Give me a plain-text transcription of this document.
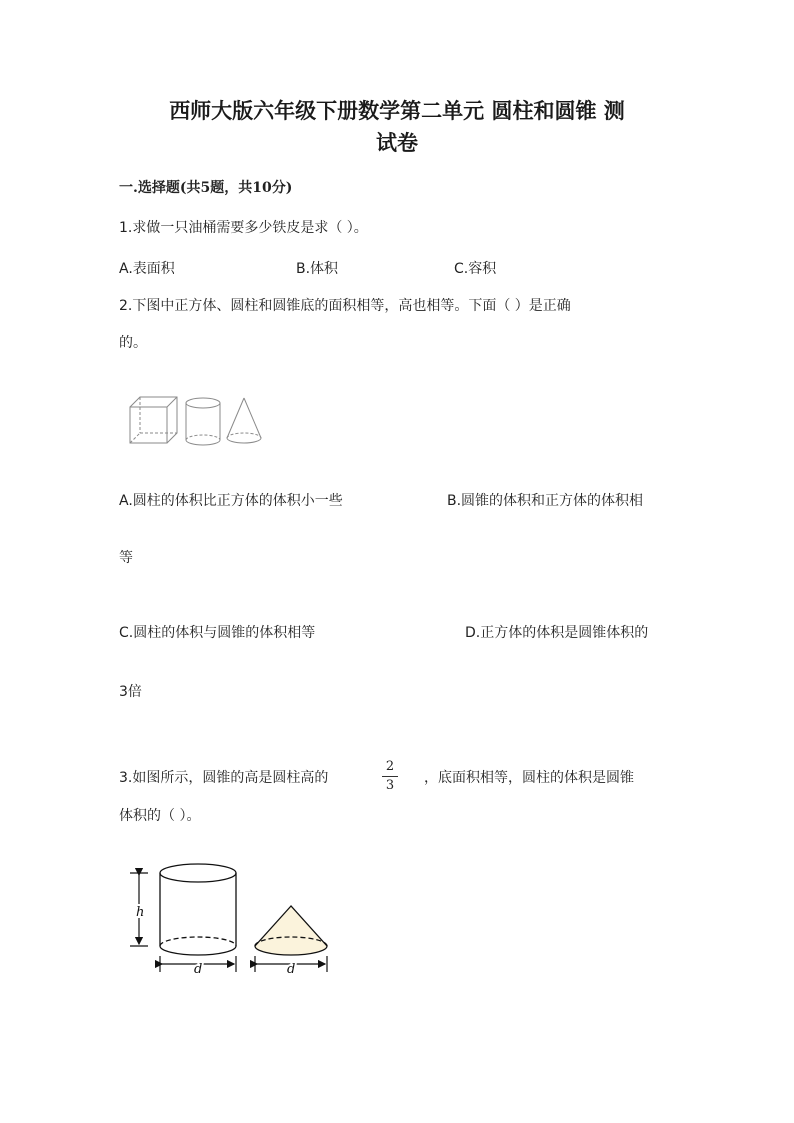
西师大版六年级下册数学第二单元 圆柱和圆锥 测
试卷
一.选择题(共5题，共10分)
1.求做一只油桶需要多少铁皮是求（ ）。
A.表面积	B.体积	C.容积
2.下图中正方体、圆柱和圆锥底的面积相等，高也相等。下面（ ）是正确
的。
A.圆柱的体积比正方体的体积小一些	B.圆锥的体积和正方体的体积相
等
C.圆柱的体积与圆锥的体积相等	D.正方体的体积是圆锥体积的
3倍
3.如图所示，圆锥的高是圆柱高的
2
3	，底面积相等，圆柱的体积是圆锥
体积的（ ）。
h
d	d
